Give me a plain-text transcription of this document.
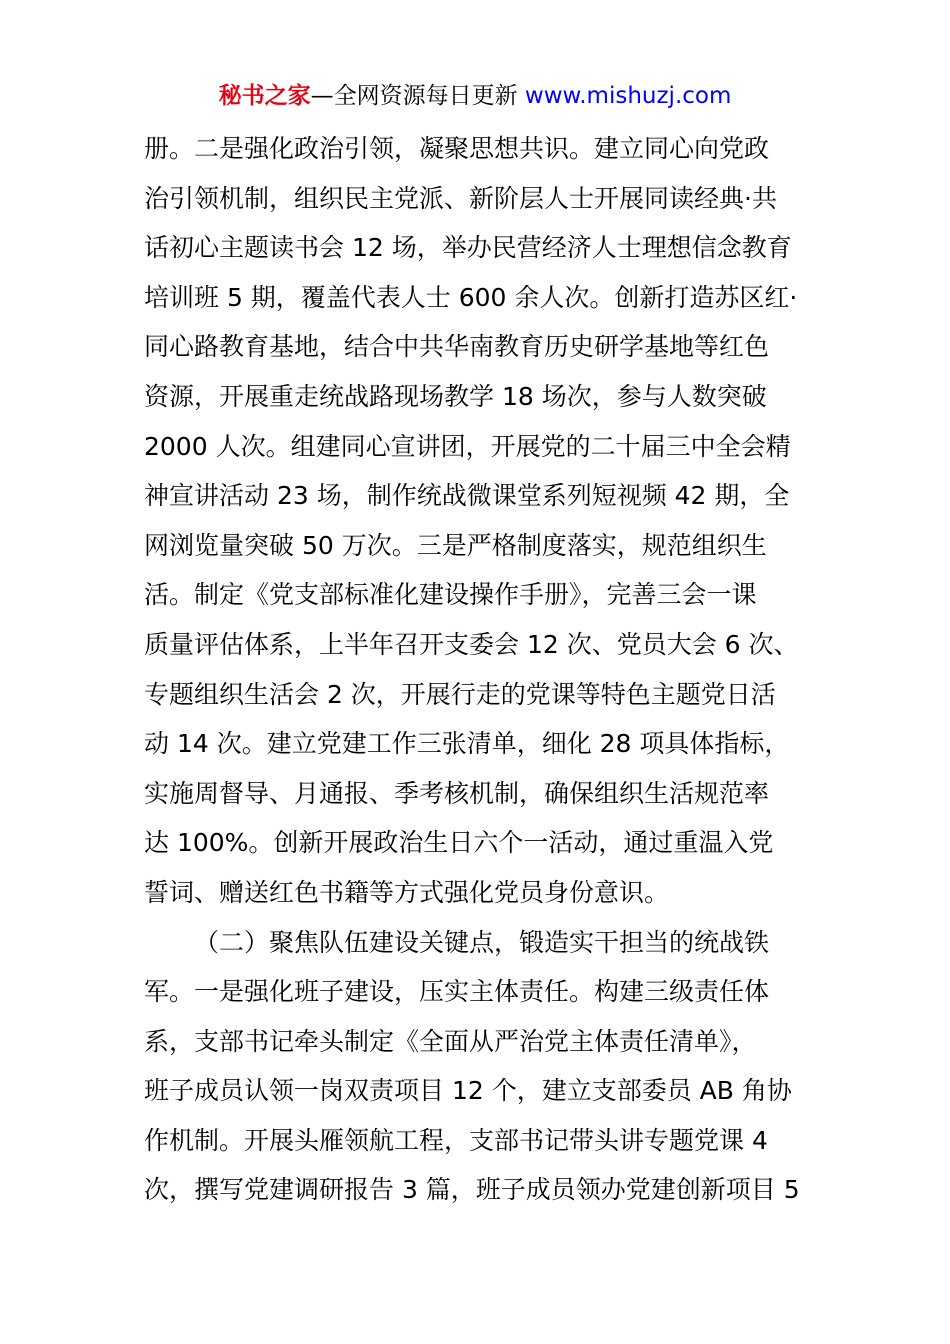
秘书之家—全网资源每日更新 www.mishuzj.com
册。二是强化政治引领，凝聚思想共识。建立同心向党政
治引领机制，组织民主党派、新阶层人士开展同读经典·共
话初心主题读书会 12 场，举办民营经济人士理想信念教育
培训班 5 期，覆盖代表人士 600 余人次。创新打造苏区红·
同心路教育基地，结合中共华南教育历史研学基地等红色
资源，开展重走统战路现场教学 18 场次，参与人数突破
2000 人次。组建同心宣讲团，开展党的二十届三中全会精
神宣讲活动 23 场，制作统战微课堂系列短视频 42 期，全
网浏览量突破 50 万次。三是严格制度落实，规范组织生
活。制定《党支部标准化建设操作手册》，完善三会一课
质量评估体系，上半年召开支委会 12 次、党员大会 6 次、
专题组织生活会 2 次，开展行走的党课等特色主题党日活
动 14 次。建立党建工作三张清单，细化 28 项具体指标，
实施周督导、月通报、季考核机制，确保组织生活规范率
达 100%。创新开展政治生日六个一活动，通过重温入党
誓词、赠送红色书籍等方式强化党员身份意识。
（二）聚焦队伍建设关键点，锻造实干担当的统战铁
军。一是强化班子建设，压实主体责任。构建三级责任体
系，支部书记牵头制定《全面从严治党主体责任清单》，
班子成员认领一岗双责项目 12 个，建立支部委员 AB 角协
作机制。开展头雁领航工程，支部书记带头讲专题党课 4
次，撰写党建调研报告 3 篇，班子成员领办党建创新项目 5
